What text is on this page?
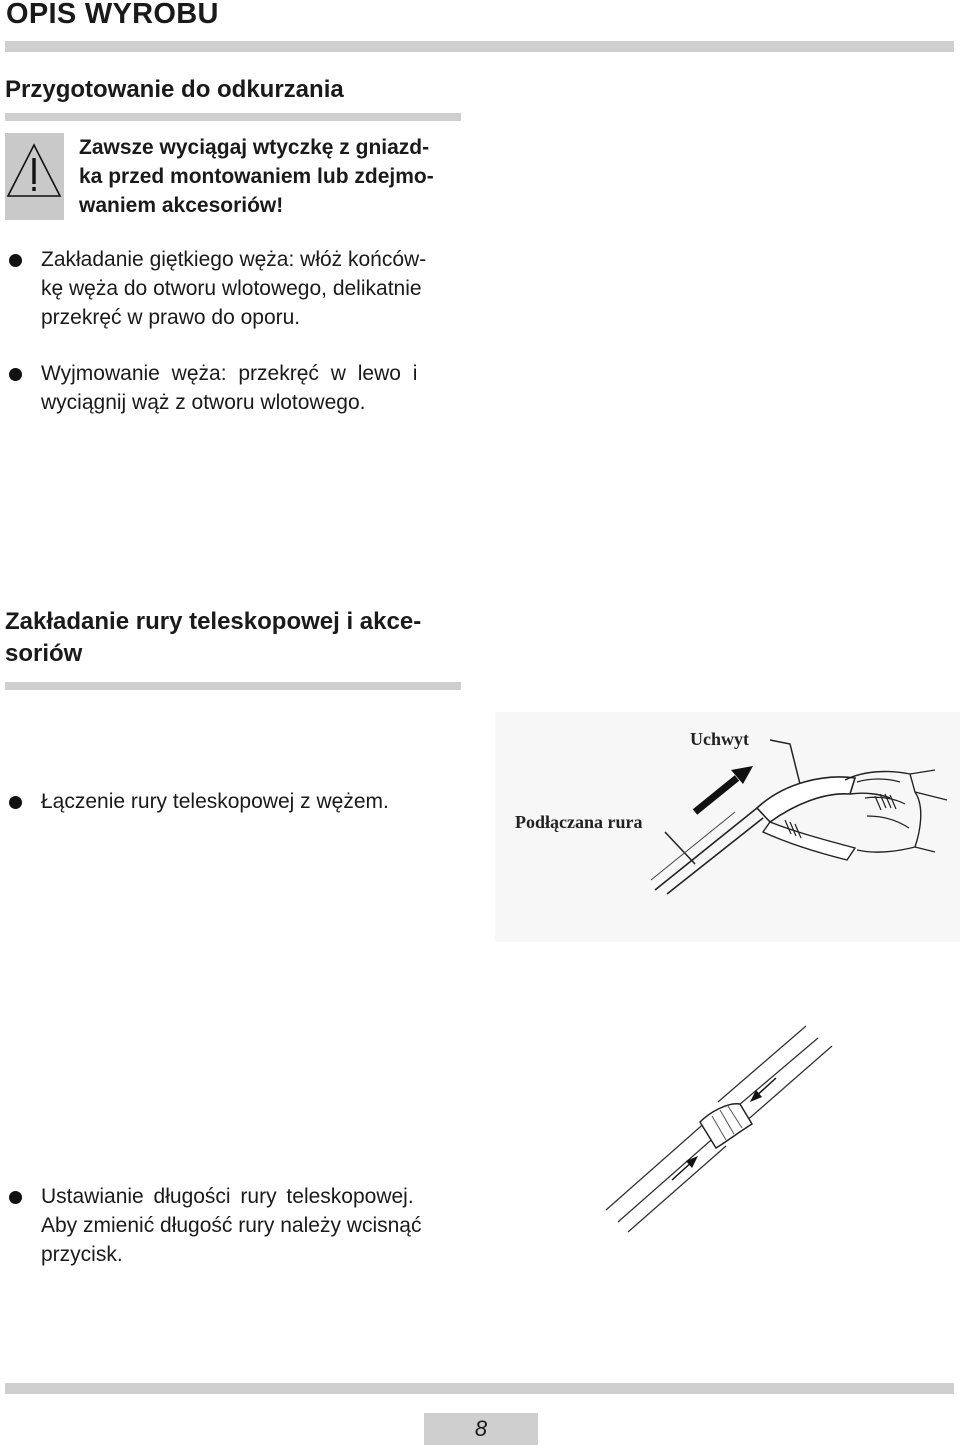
OPIS WYROBU
Przygotowanie do odkurzania
Zawsze wyciągaj wtyczkę z gniazd-
ka przed montowaniem lub zdejmo-
waniem akcesoriów!
Zakładanie giętkiego węża: włóż końców-
kę węża do otworu wlotowego, delikatnie
przekręć w prawo do oporu.
Wyjmowanie węża: przekręć w lewo i
wyciągnij wąż z otworu wlotowego.
Zakładanie rury teleskopowej i akce-
soriów
Łączenie rury teleskopowej z wężem.
Uchwyt
Podłączana rura
Ustawianie długości rury teleskopowej.
Aby zmienić długość rury należy wcisnąć
przycisk.
8
